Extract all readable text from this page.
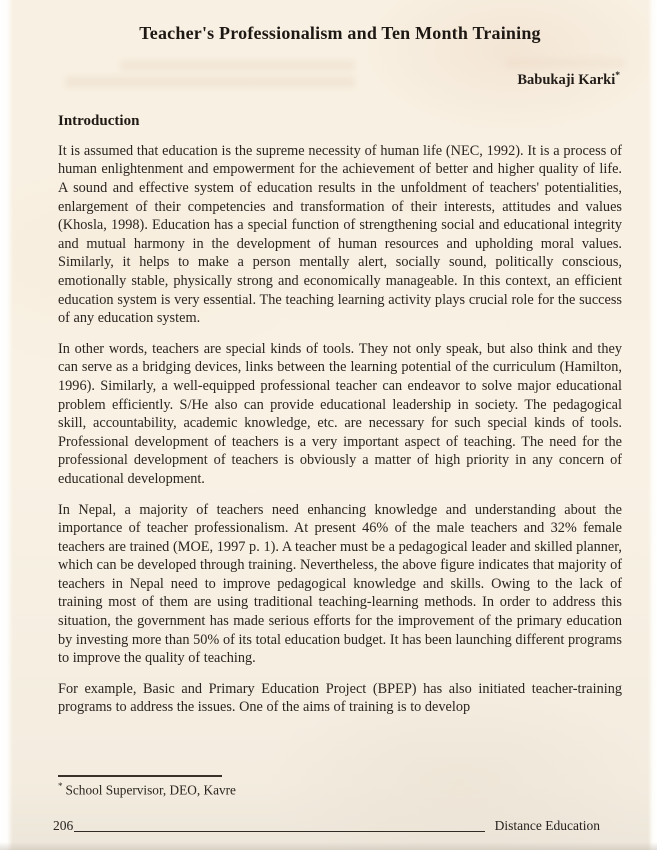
Teacher's Professionalism and Ten Month Training
Babukaji Karki*
Introduction

It is assumed that education is the supreme necessity of human life (NEC, 1992). It is a process of human enlightenment and empowerment for the achievement of better and higher quality of life. A sound and effective system of education results in the unfoldment of teachers' potentialities, enlargement of their competencies and transformation of their interests, attitudes and values (Khosla, 1998). Education has a special function of strengthening social and educational integrity and mutual harmony in the development of human resources and upholding moral values. Similarly, it helps to make a person mentally alert, socially sound, politically conscious, emotionally stable, physically strong and economically manageable. In this context, an efficient education system is very essential. The teaching learning activity plays crucial role for the success of any education system.

In other words, teachers are special kinds of tools. They not only speak, but also think and they can serve as a bridging devices, links between the learning potential of the curriculum (Hamilton, 1996). Similarly, a well-equipped professional teacher can endeavor to solve major educational problem efficiently. S/He also can provide educational leadership in society. The pedagogical skill, accountability, academic knowledge, etc. are necessary for such special kinds of tools. Professional development of teachers is a very important aspect of teaching. The need for the professional development of teachers is obviously a matter of high priority in any concern of educational development.

In Nepal, a majority of teachers need enhancing knowledge and understanding about the importance of teacher professionalism. At present 46% of the male teachers and 32% female teachers are trained (MOE, 1997 p. 1). A teacher must be a pedagogical leader and skilled planner, which can be developed through training. Nevertheless, the above figure indicates that majority of teachers in Nepal need to improve pedagogical knowledge and skills. Owing to the lack of training most of them are using traditional teaching-learning methods. In order to address this situation, the government has made serious efforts for the improvement of the primary education by investing more than 50% of its total education budget. It has been launching different programs to improve the quality of teaching.

For example, Basic and Primary Education Project (BPEP) has also initiated teacher-training programs to address the issues. One of the aims of training is to develop

* School Supervisor, DEO, Kavre
206	Distance Education
